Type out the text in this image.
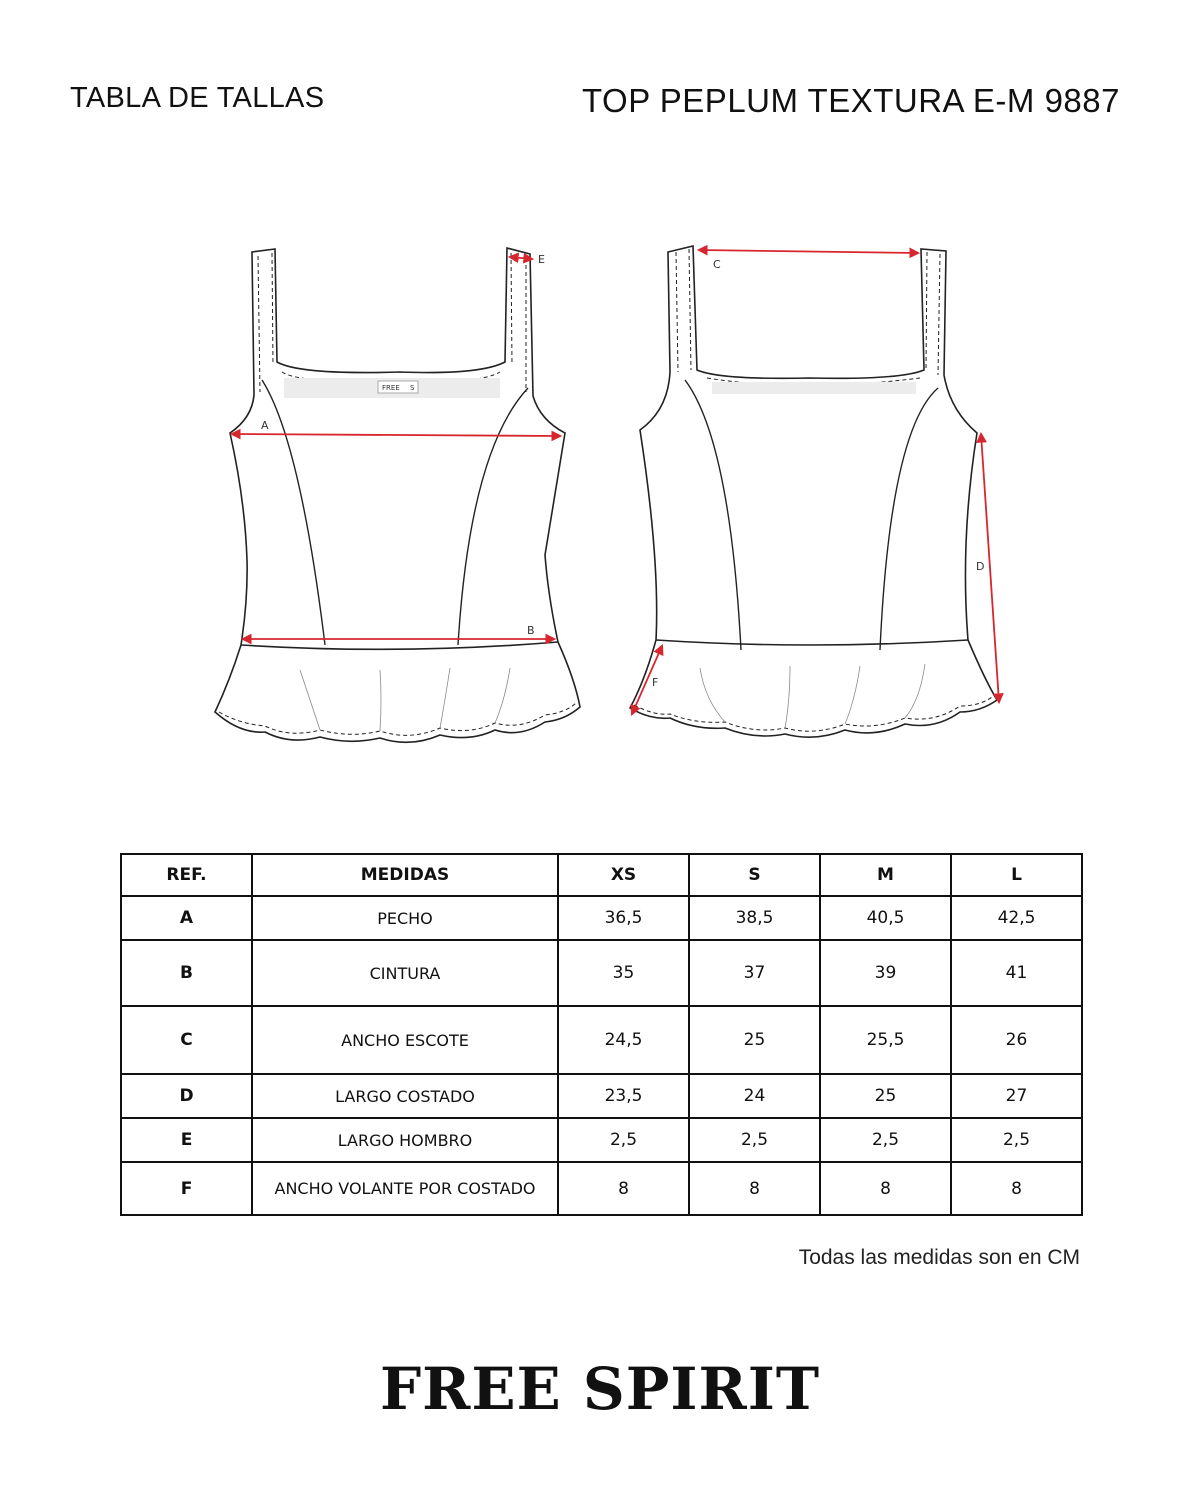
TABLA DE TALLAS	TOP PEPLUM TEXTURA E-M 9887
FREE S
A
B
E	C
D
F
REF.	MEDIDAS	XS	S	M	L
A	PECHO	36,5	38,5	40,5	42,5
B	CINTURA	35	37	39	41
C	ANCHO ESCOTE	24,5	25	25,5	26
D	LARGO COSTADO	23,5	24	25	27
E	LARGO HOMBRO	2,5	2,5	2,5	2,5
F	ANCHO VOLANTE POR COSTADO	8	8	8	8
Todas las medidas son en CM
FREE SPIRIT
